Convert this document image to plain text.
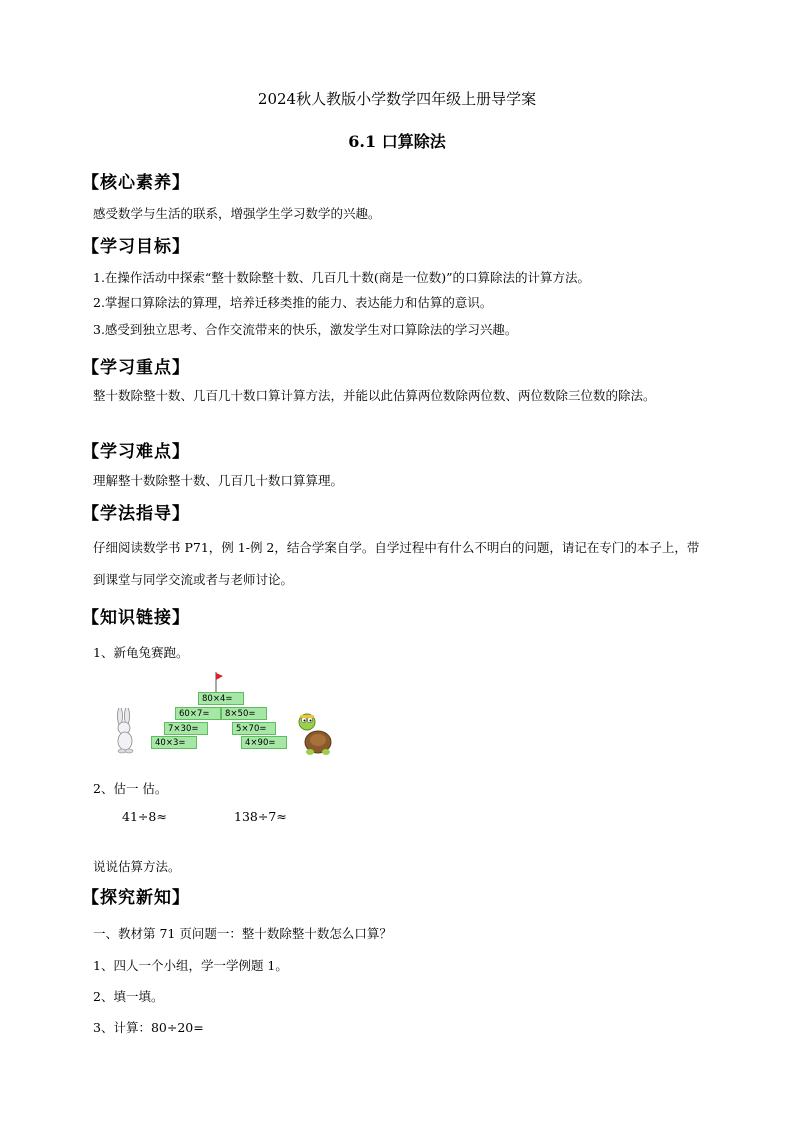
2024秋人教版小学数学四年级上册导学案
6.1 口算除法
【核心素养】
感受数学与生活的联系，增强学生学习数学的兴趣。
【学习目标】
1.在操作活动中探索“整十数除整十数、几百几十数(商是一位数)”的口算除法的计算方法。
2.掌握口算除法的算理，培养迁移类推的能力、表达能力和估算的意识。
3.感受到独立思考、合作交流带来的快乐，激发学生对口算除法的学习兴趣。
【学习重点】
整十数除整十数、几百几十数口算计算方法，并能以此估算两位数除两位数、两位数除三位数的除法。
【学习难点】
理解整十数除整十数、几百几十数口算算理。
【学法指导】
仔细阅读数学书 P71，例 1-例 2，结合学案自学。自学过程中有什么不明白的问题，请记在专门的本子上，带到课堂与同学交流或者与老师讨论。
【知识链接】
1、新龟兔赛跑。
80×4=
60×7=	8×50=
7×30=	5×70=
40×3=	4×90=
2、估一 估。
41÷8≈	138÷7≈
说说估算方法。
【探究新知】
一、教材第 71 页问题一：整十数除整十数怎么口算？
1、四人一个小组，学一学例题 1。
2、填一填。
3、计算：80÷20=
